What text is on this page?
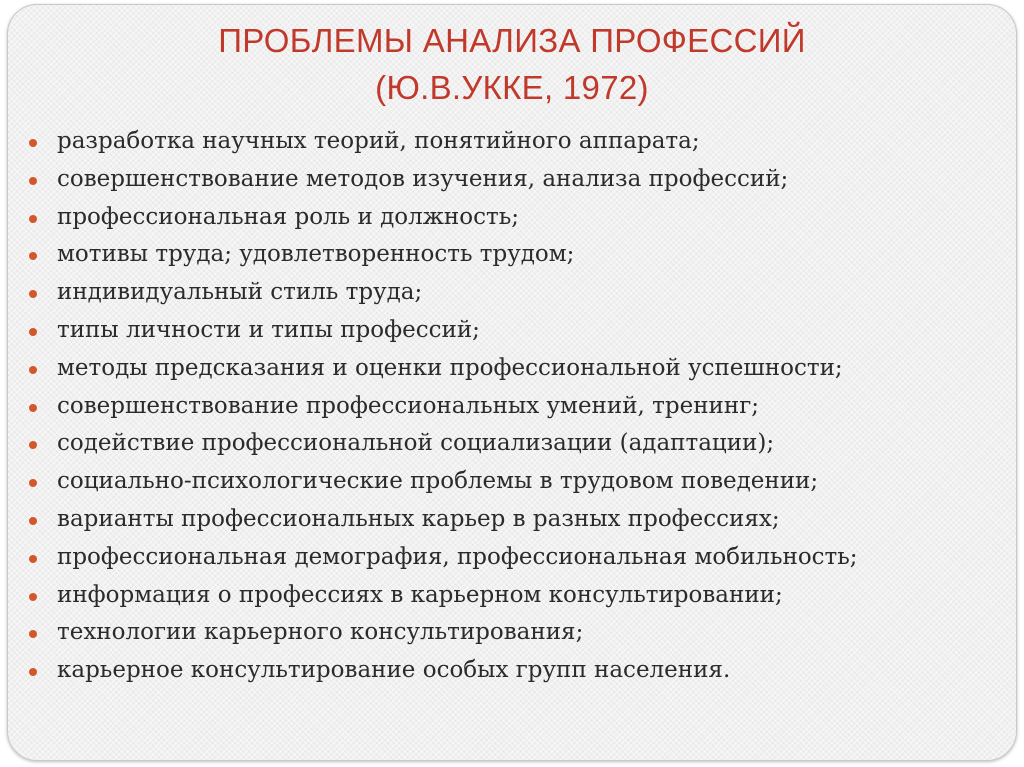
ПРОБЛЕМЫ АНАЛИЗА ПРОФЕССИЙ
(Ю.В.УККЕ, 1972)
разработка научных теорий, понятийного аппарата;
совершенствование методов изучения, анализа профессий;
профессиональная роль и должность;
мотивы труда; удовлетворенность трудом;
индивидуальный стиль труда;
типы личности и типы профессий;
методы предсказания и оценки профессиональной успешности;
совершенствование профессиональных умений, тренинг;
содействие профессиональной социализации (адаптации);
социально-психологические проблемы в трудовом поведении;
варианты профессиональных карьер в разных профессиях;
профессиональная демография, профессиональная мобильность;
информация о профессиях в карьерном консультировании;
технологии карьерного консультирования;
карьерное консультирование особых групп населения.
